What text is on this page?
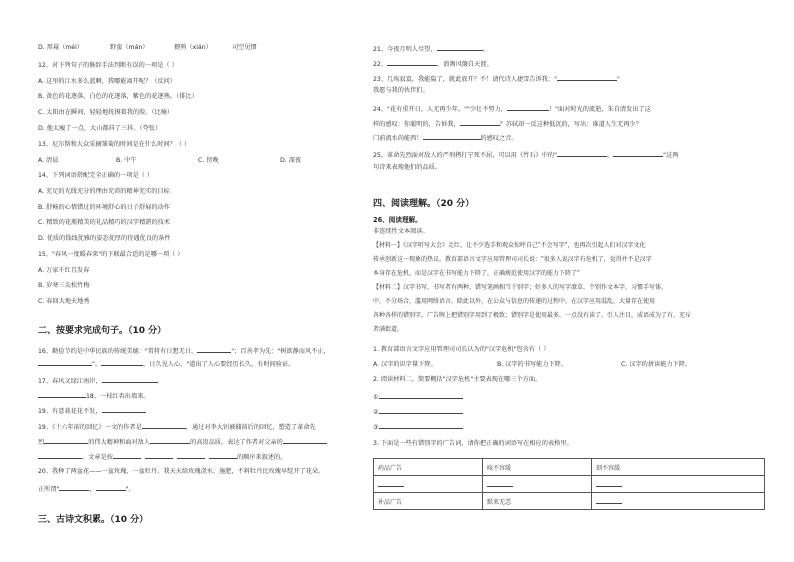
D. 黑莓（méi）	野蛮（mán）	猥鸮（xián）	司空见惯
12、对下列句子的修辞手法判断有误的一项是（ ）
A. 这里的江水多么蓝啊，我哪能离开呢？（反问）
B. 黄色的花逐落，白色的花逐落，紫色的花逐熟。（排比）
C. 太阳由在瞬间，轻轻地抚摸着我的脸。（比喻）
D. 他太瘦了一点，大山都抖了三抖。（夸张）
13、尼尔斯和大众采摘雏菊的时间是在什么时间？（ ）
A. 清晨	B. 中午	C. 傍晚	D. 深夜
14、下列词语搭配完全正确的一项是（ ）
A. 充足的光线充分的理由充沛的精神充实的目标
B. 舒畅的心情错过的环境舒心的日子舒展的动作
C. 精致的花瓶精美的礼品精巧的汉字精湛的技术
D. 优质的钱线优雅的姿态优厚的待遇优良的条件
15、"春风一度暖春来"的下联最合适的是哪一项（ ）
A. 万家千红且发春
B. 岁寒三友松竹梅
C. 春回大地天地秀
二、按要求完成句子。（10 分）
16、勤俭节约是中华民族的传统美德："常将有日想无日，	"；百善孝为先："树欲静而风不止，
"。	，日久见人心。"道出了人心要经历长久，有时间验证。
17、春风又绿江南岸，
18、一枝红杏出墙来。
19、有意栽花花不发，
19、《十六年前的回忆》一文的作者是	，通过对李大钊被捕前后的回忆，塑造了革命先
烈	的伟大精神和面对敌人	的高贵品质，表达了作者对父亲的
。文章是按	的顺序来叙述的。
20、我种了两盆花——一盆玫瑰，一盆牡丹。我天天给玫瑰浇水、施肥，不料牡丹比玫瑰早绽开了花朵。
正所谓"	，	"。
三、古诗文积累。（10 分）
21、今夜月明人尽望，	。
22、	，浪淘风簸自天涯。
23、几殇寂寞，我能隐了，就此放开？不！请代诗人捷雪告诉我："	"
我愿与我的伙伴们。
24、"花有重开日，人无再少年。""少壮不努力，	！"面对时光的流逝，朱自清发出了这
样的感叹：你聪明的，告诉我，	？苏轼却一反这种低沉的，写出：谁道人生无再少？
门前流水尚能西！	的感叹之音。
25、革命先烈面对敌人的严刑拷打宁死不屈，可以用《竹石》中的"	，	"这两
句诗来表现他们的品质。
四、阅读理解。（20 分）
26、阅读理解。
非连续性文本阅读。
【材料一】《汉字听写大会》走红，让不少选手和观众惊呼自己"不会写字"，也再次引起人们对汉字文化
传承创新这一现象的热议。教育部语言文字应用管理司司长说："很多人说汉字有危机了，觉得并不是汉字
本身存在危机，而是汉字在书写能力下降了，正确规范使用汉字的能力下降了"
【材料二】汉字书写，书写者有两种，错写笔画相当于别字；好多人的写字潦草，个别作文本字，习惯手写体，
中，不分场合，滥用网络语言。除此以外，在公众与信息的传递的过程中，在汉字应用混乱，大量存在使用
各种各样的错别字，广告牌上把错别字用到了极致；错别字是使用最多，一点没有读了。引人注目，成语成为了有，充斥
者满街道。
1. 教育部语言文字应用管理司司长认为的"汉字危机"包含有（ ）
A. 汉字的识字量下降。	B. 汉字的书写能力下降。	C. 汉字的拼读能力下降。
2. 阅读材料二，简要概括"汉字危机"主要表现在哪三个方面。
①
②
③
3. 下面是一些有错别字的广告词，请你把正确的词语写在相应的表格里。
药品广告	咳不容缓	刻不容缓

补品广告	默来无恙	
